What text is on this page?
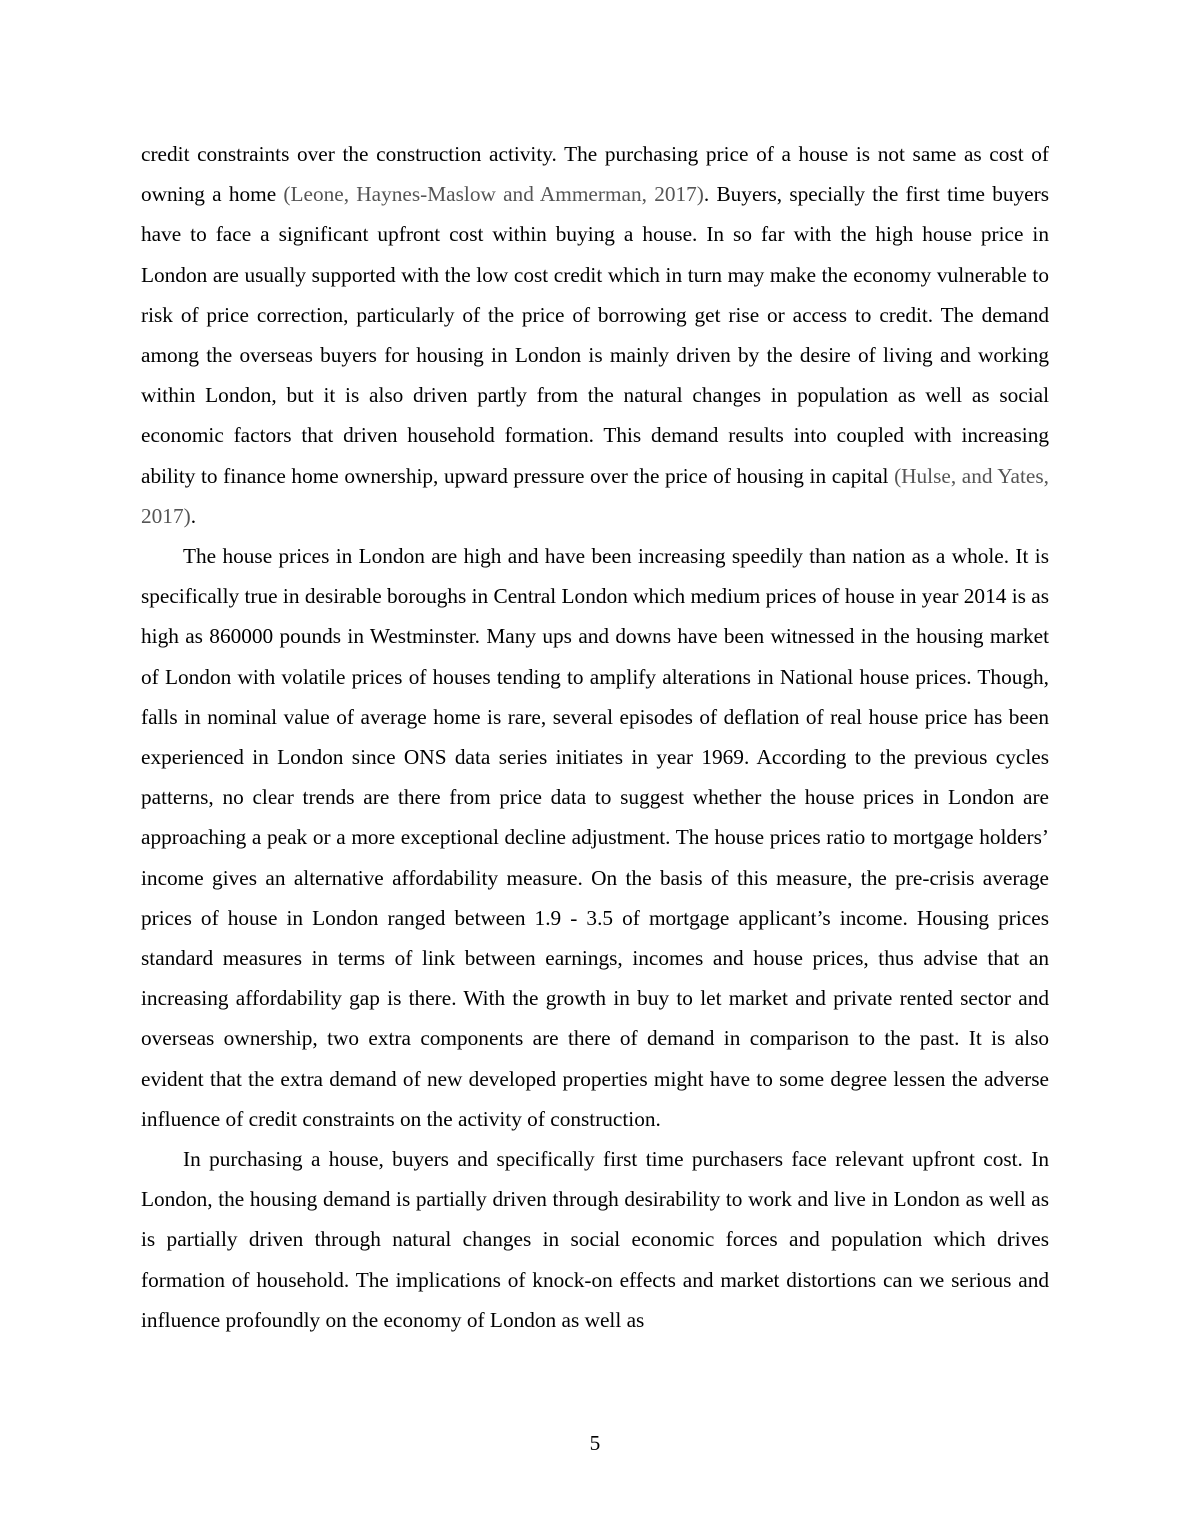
credit constraints over the construction activity. The purchasing price of a house is not same as cost of owning a home (Leone, Haynes-Maslow and Ammerman, 2017). Buyers, specially the first time buyers have to face a significant upfront cost within buying a house. In so far with the high house price in London are usually supported with the low cost credit which in turn may make the economy vulnerable to risk of price correction, particularly of the price of borrowing get rise or access to credit. The demand among the overseas buyers for housing in London is mainly driven by the desire of living and working within London, but it is also driven partly from the natural changes in population as well as social economic factors that driven household formation. This demand results into coupled with increasing ability to finance home ownership, upward pressure over the price of housing in capital (Hulse, and Yates, 2017).

The house prices in London are high and have been increasing speedily than nation as a whole. It is specifically true in desirable boroughs in Central London which medium prices of house in year 2014 is as high as 860000 pounds in Westminster. Many ups and downs have been witnessed in the housing market of London with volatile prices of houses tending to amplify alterations in National house prices. Though, falls in nominal value of average home is rare, several episodes of deflation of real house price has been experienced in London since ONS data series initiates in year 1969. According to the previous cycles patterns, no clear trends are there from price data to suggest whether the house prices in London are approaching a peak or a more exceptional decline adjustment. The house prices ratio to mortgage holders’ income gives an alternative affordability measure. On the basis of this measure, the pre-crisis average prices of house in London ranged between 1.9 - 3.5 of mortgage applicant’s income. Housing prices standard measures in terms of link between earnings, incomes and house prices, thus advise that an increasing affordability gap is there. With the growth in buy to let market and private rented sector and overseas ownership, two extra components are there of demand in comparison to the past. It is also evident that the extra demand of new developed properties might have to some degree lessen the adverse influence of credit constraints on the activity of construction.

In purchasing a house, buyers and specifically first time purchasers face relevant upfront cost. In London, the housing demand is partially driven through desirability to work and live in London as well as is partially driven through natural changes in social economic forces and population which drives formation of household. The implications of knock-on effects and market distortions can we serious and influence profoundly on the economy of London as well as

5
